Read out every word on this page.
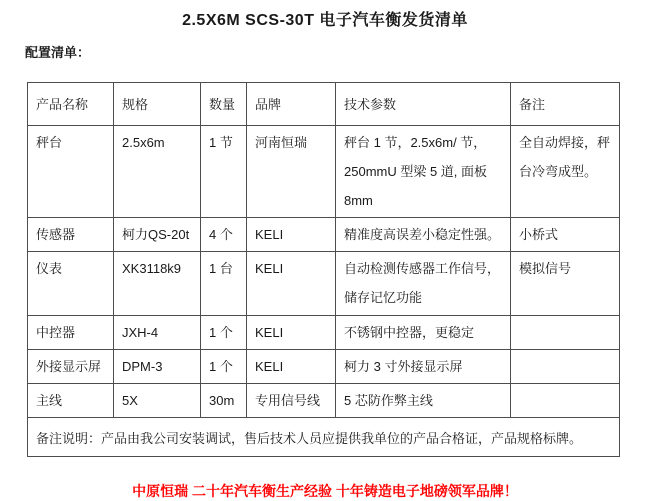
2.5X6M SCS-30T 电子汽车衡发货清单
配置清单：
产品名称	规格	数量	品牌	技术参数	备注
秤台	2.5x6m	1 节	河南恒瑞	秤台 1 节，2.5x6m/ 节，250mmU 型梁 5 道, 面板 8mm	全自动焊接，秤台冷弯成型。
传感器	柯力QS-20t	4 个	KELI	精准度高误差小稳定性强。	小桥式
仪表	XK3118k9	1 台	KELI	自动检测传感器工作信号，储存记忆功能	模拟信号
中控器	JXH-4	1 个	KELI	不锈钢中控器，更稳定	
外接显示屏	DPM-3	1 个	KELI	柯力 3 寸外接显示屏	
主线	5X	30m	专用信号线	5 芯防作弊主线	
备注说明：产品由我公司安装调试，售后技术人员应提供我单位的产品合格证，产品规格标牌。					
中原恒瑞 二十年汽车衡生产经验 十年铸造电子地磅领军品牌！
